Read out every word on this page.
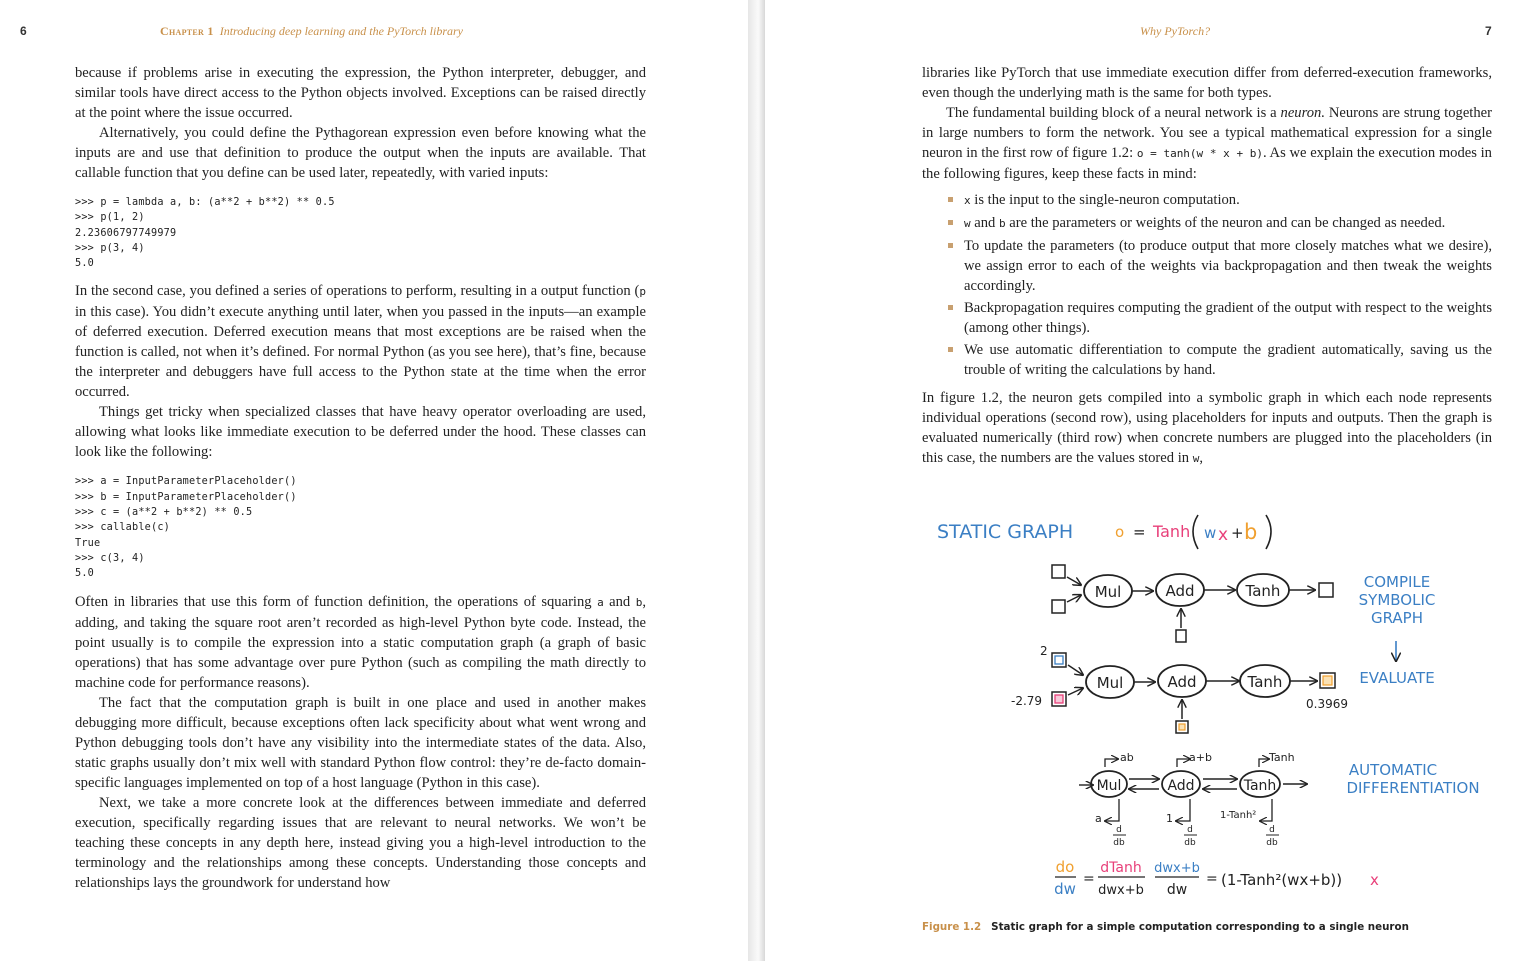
6	Chapter 1 Introducing deep learning and the PyTorch library

because if problems arise in executing the expression, the Python interpreter, debugger, and similar tools have direct access to the Python objects involved. Exceptions can be raised directly at the point where the issue occurred.

Alternatively, you could define the Pythagorean expression even before knowing what the inputs are and use that definition to produce the output when the inputs are available. That callable function that you define can be used later, repeatedly, with varied inputs:

>>> p = lambda a, b: (a**2 + b**2) ** 0.5
>>> p(1, 2)
2.23606797749979
>>> p(3, 4)
5.0

In the second case, you defined a series of operations to perform, resulting in a output function (p in this case). You didn’t execute anything until later, when you passed in the inputs—an example of deferred execution. Deferred execution means that most exceptions are be raised when the function is called, not when it’s defined. For normal Python (as you see here), that’s fine, because the interpreter and debuggers have full access to the Python state at the time when the error occurred.

Things get tricky when specialized classes that have heavy operator overloading are used, allowing what looks like immediate execution to be deferred under the hood. These classes can look like the following:

>>> a = InputParameterPlaceholder()
>>> b = InputParameterPlaceholder()
>>> c = (a**2 + b**2) ** 0.5
>>> callable(c)
True
>>> c(3, 4)
5.0

Often in libraries that use this form of function definition, the operations of squaring a and b, adding, and taking the square root aren’t recorded as high-level Python byte code. Instead, the point usually is to compile the expression into a static computation graph (a graph of basic operations) that has some advantage over pure Python (such as compiling the math directly to machine code for performance reasons).

The fact that the computation graph is built in one place and used in another makes debugging more difficult, because exceptions often lack specificity about what went wrong and Python debugging tools don’t have any visibility into the intermediate states of the data. Also, static graphs usually don’t mix well with standard Python flow control: they’re de-facto domain-specific languages implemented on top of a host language (Python in this case).

Next, we take a more concrete look at the differences between immediate and deferred execution, specifically regarding issues that are relevant to neural networks. We won’t be teaching these concepts in any depth here, instead giving you a high-level introduction to the terminology and the relationships among these concepts. Understanding those concepts and relationships lays the groundwork for understand how

Why PyTorch?	7

libraries like PyTorch that use immediate execution differ from deferred-execution frameworks, even though the underlying math is the same for both types.

The fundamental building block of a neural network is a neuron. Neurons are strung together in large numbers to form the network. You see a typical mathematical expression for a single neuron in the first row of figure 1.2: o = tanh(w * x + b). As we explain the execution modes in the following figures, keep these facts in mind:

x is the input to the single-neuron computation.
w and b are the parameters or weights of the neuron and can be changed as needed.
To update the parameters (to produce output that more closely matches what we desire), we assign error to each of the weights via backpropagation and then tweak the weights accordingly.
Backpropagation requires computing the gradient of the output with respect to the weights (among other things).
We use automatic differentiation to compute the gradient automatically, saving us the trouble of writing the calculations by hand.

In figure 1.2, the neuron gets compiled into a symbolic graph in which each node represents individual operations (second row), using placeholders for inputs and outputs. Then the graph is evaluated numerically (third row) when concrete numbers are plugged into the placeholders (in this case, the numbers are the values stored in w,

STATIC GRAPH	o = Tanh w x + b
Mul	Add	Tanh	COMPILE
SYMBOLIC
GRAPH
EVALUATE
2
-2.79
Mul	Add	Tanh
0.3969
ab	a+b	Tanh
Mul	Add	Tanh
a
d
db
1
d
db
1-Tanh²
d
db
AUTOMATIC
DIFFERENTIATION
do
dw
=
dTanh
dwx+b
dwx+b
dw
= (1-Tanh²(wx+b)) x
Figure 1.2 Static graph for a simple computation corresponding to a single neuron
